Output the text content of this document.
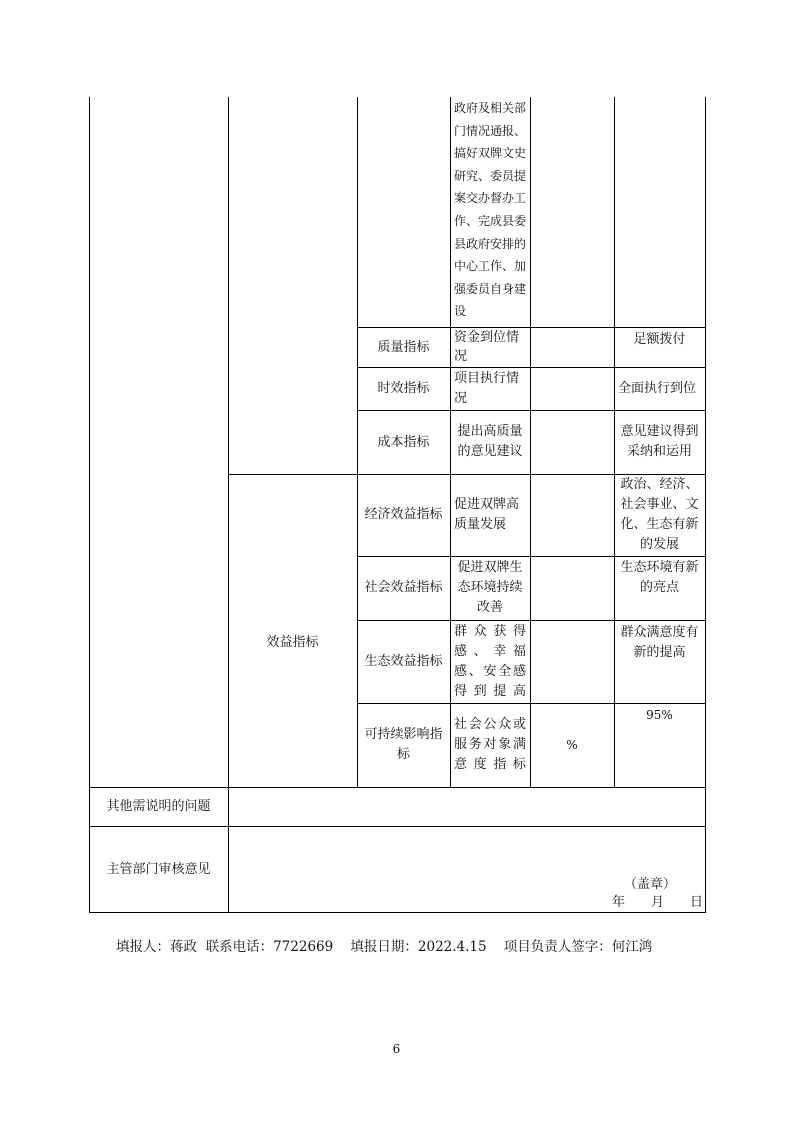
政府及相关部门情况通报、搞好双牌文史研究、委员提案交办督办工作、完成县委县政府安排的中心工作、加强委员自身建设
质量指标
资金到位情况
足额拨付
时效指标
项目执行情况
全面执行到位
成本指标
提出高质量的意见建议
意见建议得到采纳和运用
效益指标
经济效益指标
促进双牌高质量发展
政治、经济、社会事业、文化、生态有新的发展
社会效益指标
促进双牌生态环境持续改善
生态环境有新的亮点
生态效益指标
群众获得感、幸福感、安全感得到提高
群众满意度有新的提高
可持续影响指标
社会公众或服务对象满意度指标
%
95%
其他需说明的问题
主管部门审核意见
（盖章）
年　　月　　日
填报人：蒋政 联系电话：7722669 填报日期：2022.4.15 项目负责人签字：何江鸿
6
